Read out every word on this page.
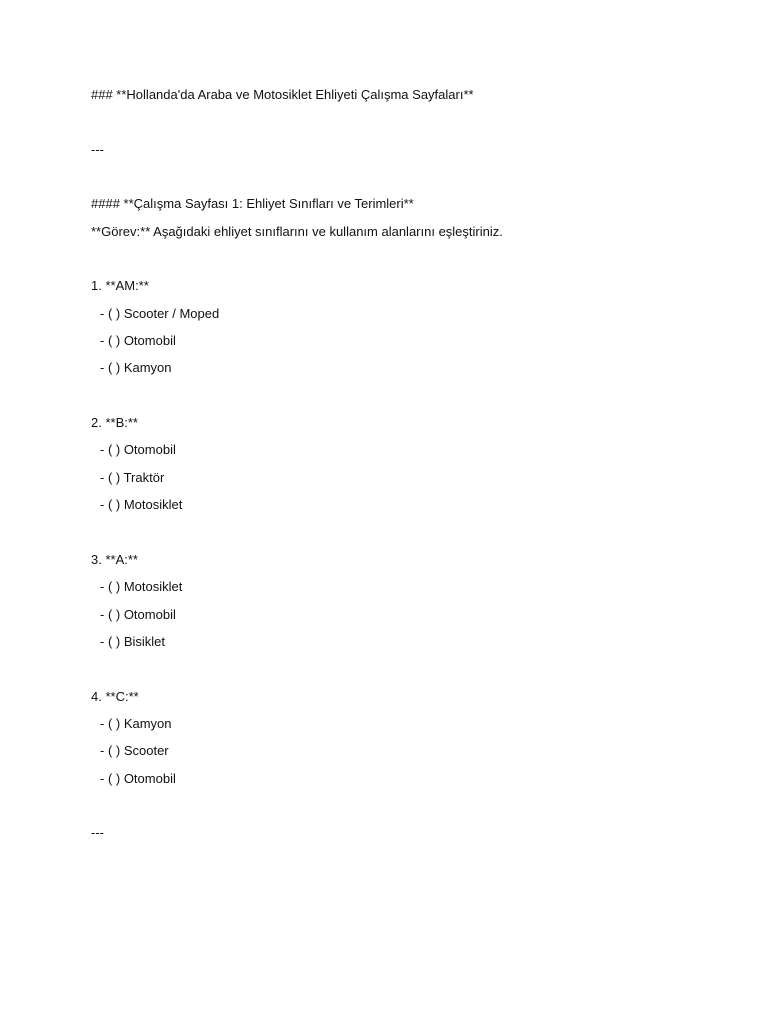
### **Hollanda'da Araba ve Motosiklet Ehliyeti Çalışma Sayfaları**
---
#### **Çalışma Sayfası 1: Ehliyet Sınıfları ve Terimleri**
**Görev:** Aşağıdaki ehliyet sınıflarını ve kullanım alanlarını eşleştiriniz.
1. **AM:**
- ( ) Scooter / Moped
- ( ) Otomobil
- ( ) Kamyon
2. **B:**
- ( ) Otomobil
- ( ) Traktör
- ( ) Motosiklet
3. **A:**
- ( ) Motosiklet
- ( ) Otomobil
- ( ) Bisiklet
4. **C:**
- ( ) Kamyon
- ( ) Scooter
- ( ) Otomobil
---
